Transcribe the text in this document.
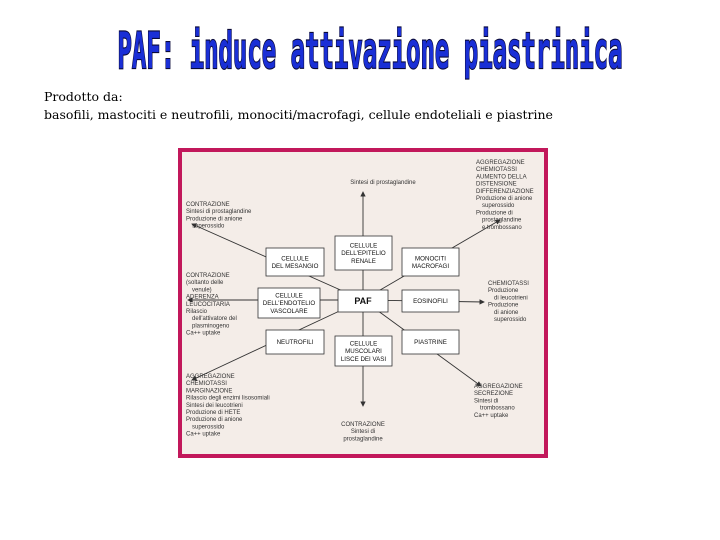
PAF: induce attivazione piastrinica
Prodotto da:
basofili, mastociti e neutrofili, monociti/macrofagi, cellule endoteliali e piastrine
CELLULE
DELL'EPITELIO
RENALE
CELLULE
DEL MESANGIO
MONOCITI
MACROFAGI
CELLULE
DELL'ENDOTELIO
VASCOLARE
EOSINOFILI
NEUTROFILI	PIASTRINE
CELLULE
MUSCOLARI
LISCE DEI VASI
PAF
Sintesi di prostaglandine
AGGREGAZIONE
CHEMIOTASSI
AUMENTO DELLA
DISTENSIONE
DIFFERENZIAZIONE
Produzione di anione
superossido
Produzione di
prostaglandine
e trombossano
CONTRAZIONE
Sintesi di prostaglandine
Produzione di anione
superossido
CONTRAZIONE
(soltanto delle
venule)
ADERENZA
LEUCOCITARIA
Rilascio
dell'attivatore del
plasminogeno
Ca++ uptake
CHEMIOTASSI
Produzione
di leucotrieni
Produzione
di anione
superossido
AGGREGAZIONE
CHEMIOTASSI
MARGINAZIONE
Rilascio degli enzimi lisosomiali
Sintesi dei leucotrieni
Produzione di HETE
Produzione di anione
superossido
Ca++ uptake
CONTRAZIONE
Sintesi di
prostaglandine
AGGREGAZIONE
SECREZIONE
Sintesi di
trombossano
Ca++ uptake
